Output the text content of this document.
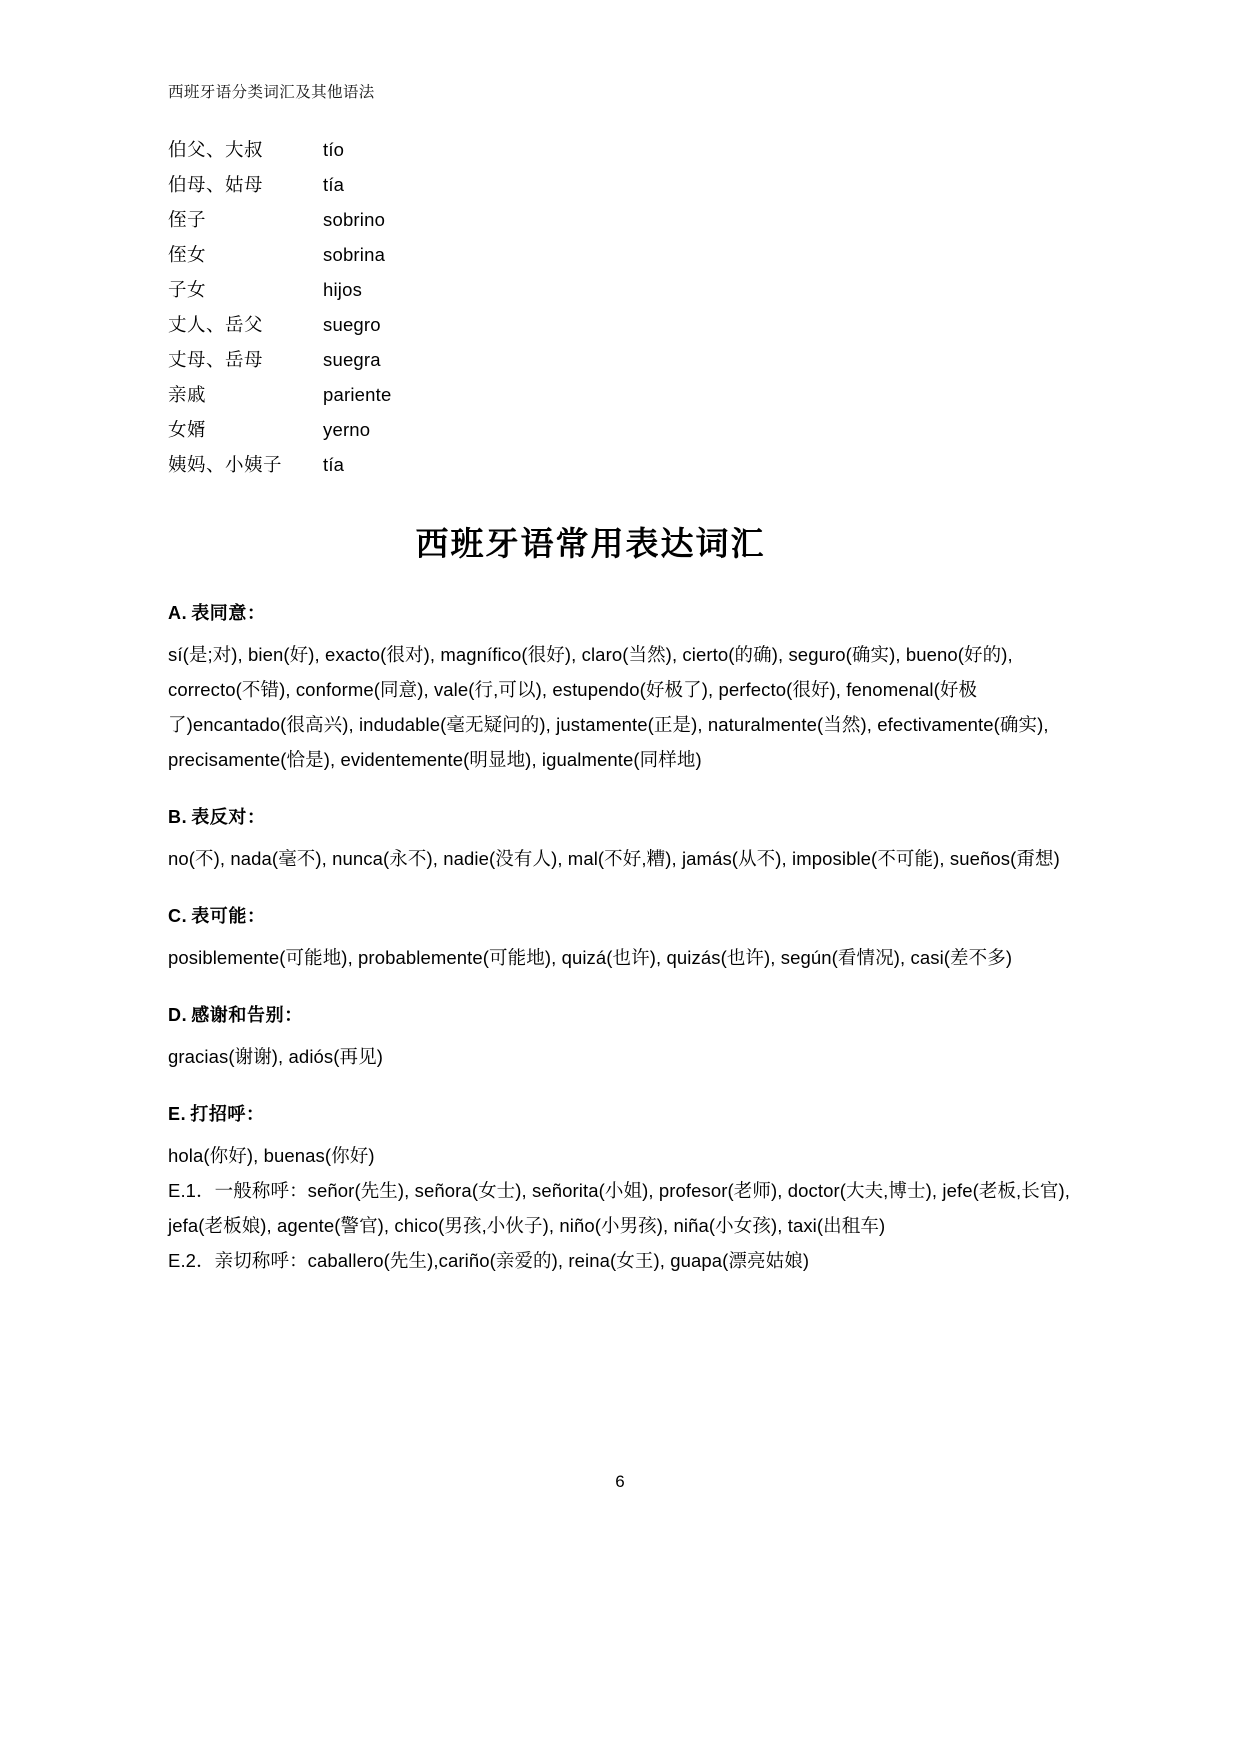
西班牙语分类词汇及其他语法
伯父、大叔	tío
伯母、姑母	tía
侄子	sobrino
侄女	sobrina
子女	hijos
丈人、岳父	suegro
丈母、岳母	suegra
亲戚	pariente
女婿	yerno
姨妈、小姨子	tía
西班牙语常用表达词汇
A. 表同意：

sí(是;对), bien(好), exacto(很对), magnífico(很好), claro(当然), cierto(的确), seguro(确实), bueno(好的), correcto(不错), conforme(同意), vale(行,可以), estupendo(好极了), perfecto(很好), fenomenal(好极了)encantado(很高兴), indudable(毫无疑问的), justamente(正是), naturalmente(当然), efectivamente(确实), precisamente(恰是), evidentemente(明显地), igualmente(同样地)

B. 表反对：

no(不), nada(毫不), nunca(永不), nadie(没有人), mal(不好,糟), jamás(从不), imposible(不可能), sueños(甭想)

C. 表可能：

posiblemente(可能地), probablemente(可能地), quizá(也许), quizás(也许), según(看情况), casi(差不多)

D. 感谢和告别：

gracias(谢谢), adiós(再见)

E. 打招呼：

hola(你好), buenas(你好)

E.1．一般称呼：señor(先生), señora(女士), señorita(小姐), profesor(老师), doctor(大夫,博士), jefe(老板,长官), jefa(老板娘), agente(警官), chico(男孩,小伙子), niño(小男孩), niña(小女孩), taxi(出租车)
E.2．亲切称呼：caballero(先生),cariño(亲爱的), reina(女王), guapa(漂亮姑娘)
6
